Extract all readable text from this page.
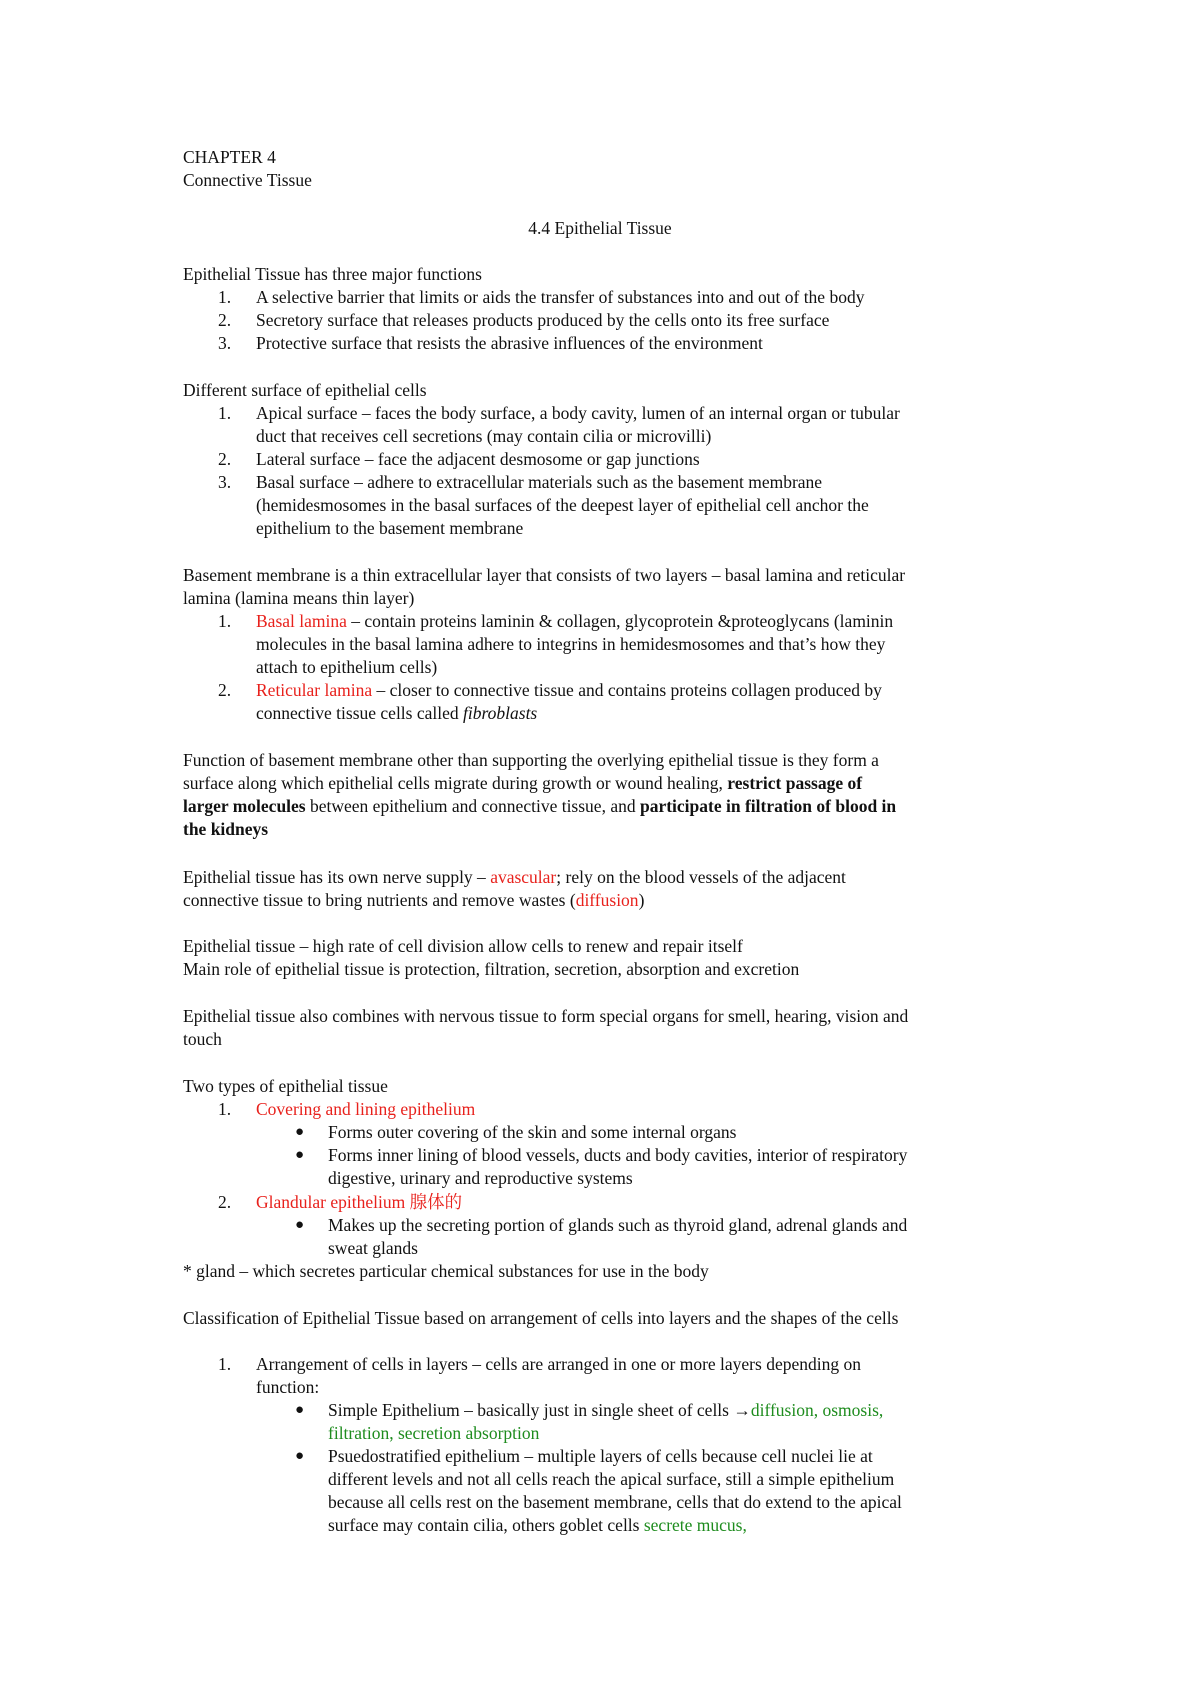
CHAPTER 4
Connective Tissue
4.4 Epithelial Tissue
Epithelial Tissue has three major functions
1. A selective barrier that limits or aids the transfer of substances into and out of the body
2. Secretory surface that releases products produced by the cells onto its free surface
3. Protective surface that resists the abrasive influences of the environment
Different surface of epithelial cells
1. Apical surface – faces the body surface, a body cavity, lumen of an internal organ or tubular
duct that receives cell secretions (may contain cilia or microvilli)
2. Lateral surface – face the adjacent desmosome or gap junctions
3. Basal surface – adhere to extracellular materials such as the basement membrane
(hemidesmosomes in the basal surfaces of the deepest layer of epithelial cell anchor the
epithelium to the basement membrane
Basement membrane is a thin extracellular layer that consists of two layers – basal lamina and reticular
lamina (lamina means thin layer)
1. Basal lamina – contain proteins laminin & collagen, glycoprotein &proteoglycans (laminin
molecules in the basal lamina adhere to integrins in hemidesmosomes and that’s how they
attach to epithelium cells)
2. Reticular lamina – closer to connective tissue and contains proteins collagen produced by
connective tissue cells called fibroblasts
Function of basement membrane other than supporting the overlying epithelial tissue is they form a
surface along which epithelial cells migrate during growth or wound healing, restrict passage of
larger molecules between epithelium and connective tissue, and participate in filtration of blood in
the kidneys
Epithelial tissue has its own nerve supply – avascular; rely on the blood vessels of the adjacent
connective tissue to bring nutrients and remove wastes (diffusion)
Epithelial tissue – high rate of cell division allow cells to renew and repair itself
Main role of epithelial tissue is protection, filtration, secretion, absorption and excretion
Epithelial tissue also combines with nervous tissue to form special organs for smell, hearing, vision and
touch
Two types of epithelial tissue
1. Covering and lining epithelium
● Forms outer covering of the skin and some internal organs
● Forms inner lining of blood vessels, ducts and body cavities, interior of respiratory
digestive, urinary and reproductive systems
2. Glandular epithelium 腺体的
● Makes up the secreting portion of glands such as thyroid gland, adrenal glands and
sweat glands
* gland – which secretes particular chemical substances for use in the body
Classification of Epithelial Tissue based on arrangement of cells into layers and the shapes of the cells
1. Arrangement of cells in layers – cells are arranged in one or more layers depending on
function:
● Simple Epithelium – basically just in single sheet of cells →diffusion, osmosis,
filtration, secretion absorption
● Psuedostratified epithelium – multiple layers of cells because cell nuclei lie at
different levels and not all cells reach the apical surface, still a simple epithelium
because all cells rest on the basement membrane, cells that do extend to the apical
surface may contain cilia, others goblet cells secrete mucus,
